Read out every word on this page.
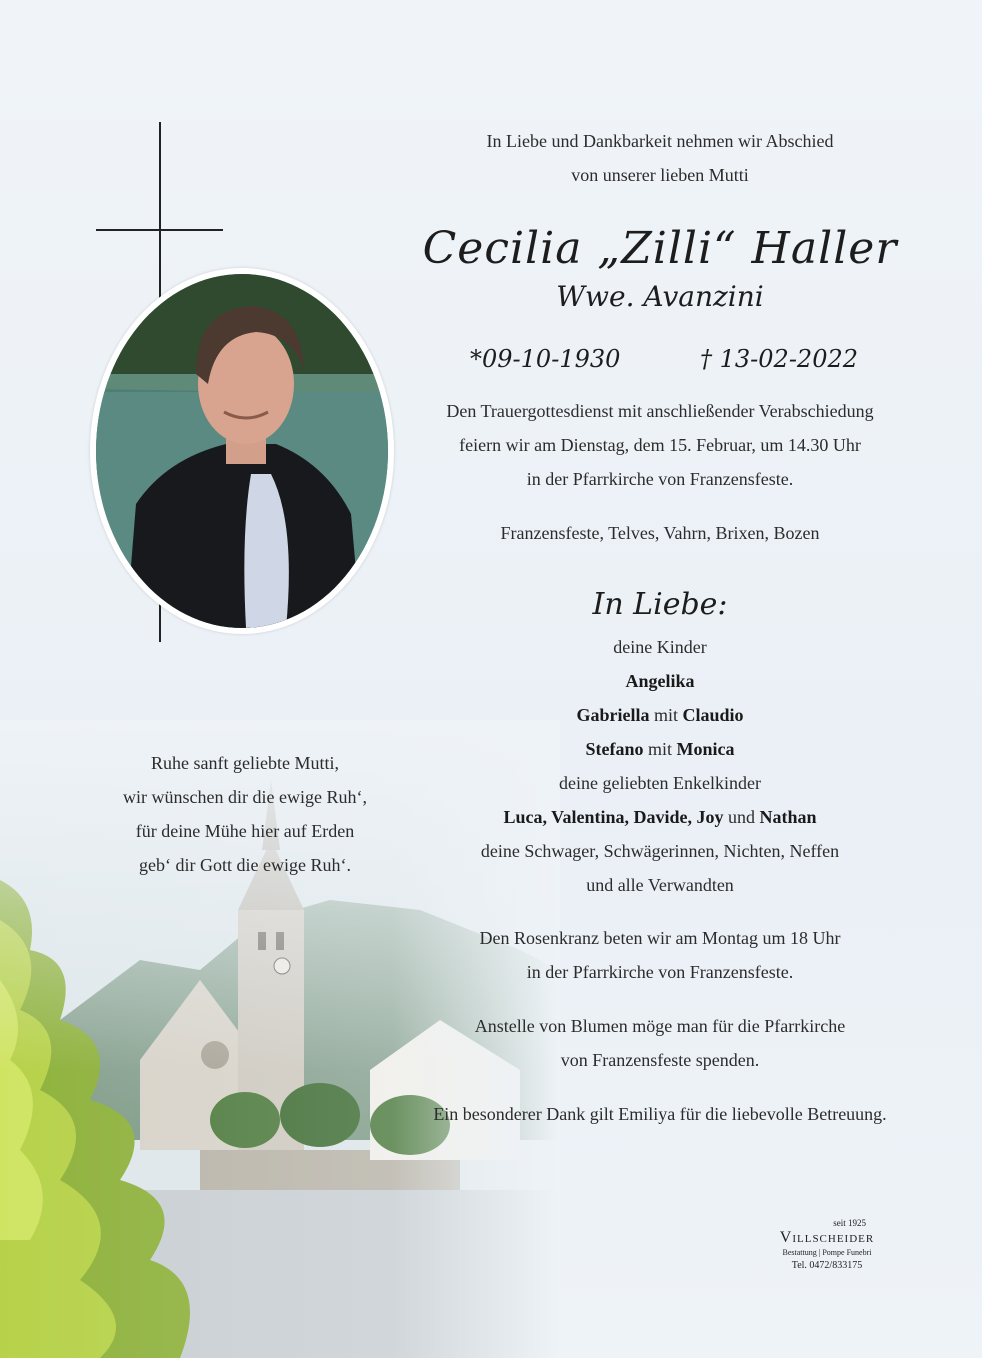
In Liebe und Dankbarkeit nehmen wir Abschied
von unserer lieben Mutti
Cecilia „Zilli“ Haller
Wwe. Avanzini
*09-10-1930	† 13-02-2022
Den Trauergottesdienst mit anschließender Verabschiedung
feiern wir am Dienstag, dem 15. Februar, um 14.30 Uhr
in der Pfarrkirche von Franzensfeste.
Franzensfeste, Telves, Vahrn, Brixen, Bozen
In Liebe:
deine Kinder
Angelika
Gabriella mit Claudio
Stefano mit Monica
deine geliebten Enkelkinder
Luca, Valentina, Davide, Joy und Nathan
deine Schwager, Schwägerinnen, Nichten, Neffen
und alle Verwandten
Den Rosenkranz beten wir am Montag um 18 Uhr
in der Pfarrkirche von Franzensfeste.
Anstelle von Blumen möge man für die Pfarrkirche
von Franzensfeste spenden.
Ein besonderer Dank gilt Emiliya für die liebevolle Betreuung.
Ruhe sanft geliebte Mutti,
wir wünschen dir die ewige Ruh‘,
für deine Mühe hier auf Erden
geb‘ dir Gott die ewige Ruh‘.
seit 1925
Villscheider
Bestattung | Pompe Funebri
Tel. 0472/833175
